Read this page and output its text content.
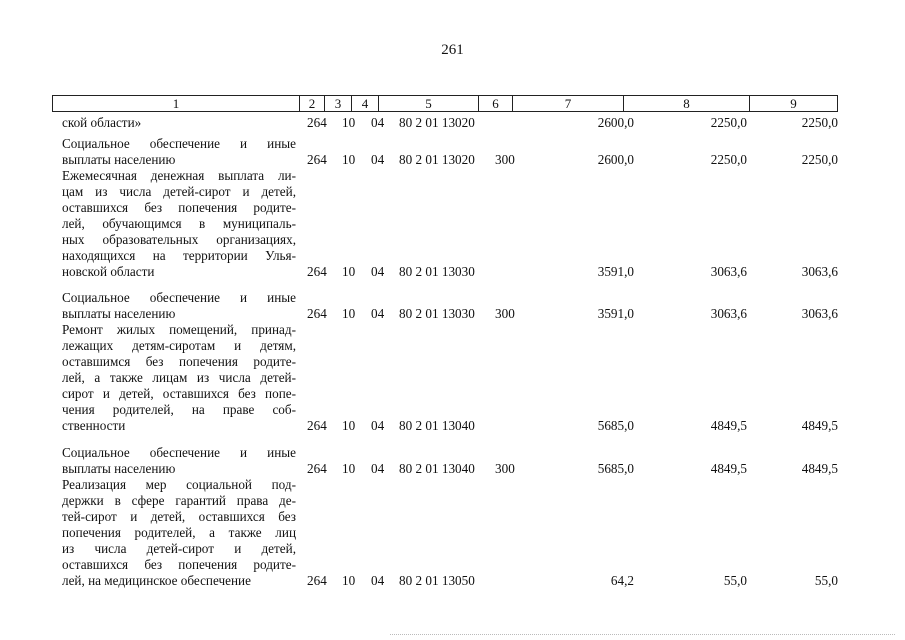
261
1	2	3	4	5	6	7	8	9
ской области»	264 10 04 80 2 01 13020	2600,0	2250,0	2250,0
Социальное обеспечение и иные
выплаты населению	264 10 04 80 2 01 13020 300	2600,0	2250,0	2250,0
Ежемесячная денежная выплата ли-
цам из числа детей-сирот и детей,
оставшихся без попечения родите-
лей, обучающимся в муниципаль-
ных образовательных организациях,
находящихся на территории Улья-
новской области	264 10 04 80 2 01 13030	3591,0	3063,6	3063,6
Социальное обеспечение и иные
выплаты населению	264 10 04 80 2 01 13030 300	3591,0	3063,6	3063,6
Ремонт жилых помещений, принад-
лежащих детям-сиротам и детям,
оставшимся без попечения родите-
лей, а также лицам из числа детей-
сирот и детей, оставшихся без попе-
чения родителей, на праве соб-
ственности	264 10 04 80 2 01 13040	5685,0	4849,5	4849,5
Социальное обеспечение и иные
выплаты населению	264 10 04 80 2 01 13040 300	5685,0	4849,5	4849,5
Реализация мер социальной под-
держки в сфере гарантий права де-
тей-сирот и детей, оставшихся без
попечения родителей, а также лиц
из числа детей-сирот и детей,
оставшихся без попечения родите-
лей, на медицинское обеспечение	264 10 04 80 2 01 13050	64,2	55,0	55,0
